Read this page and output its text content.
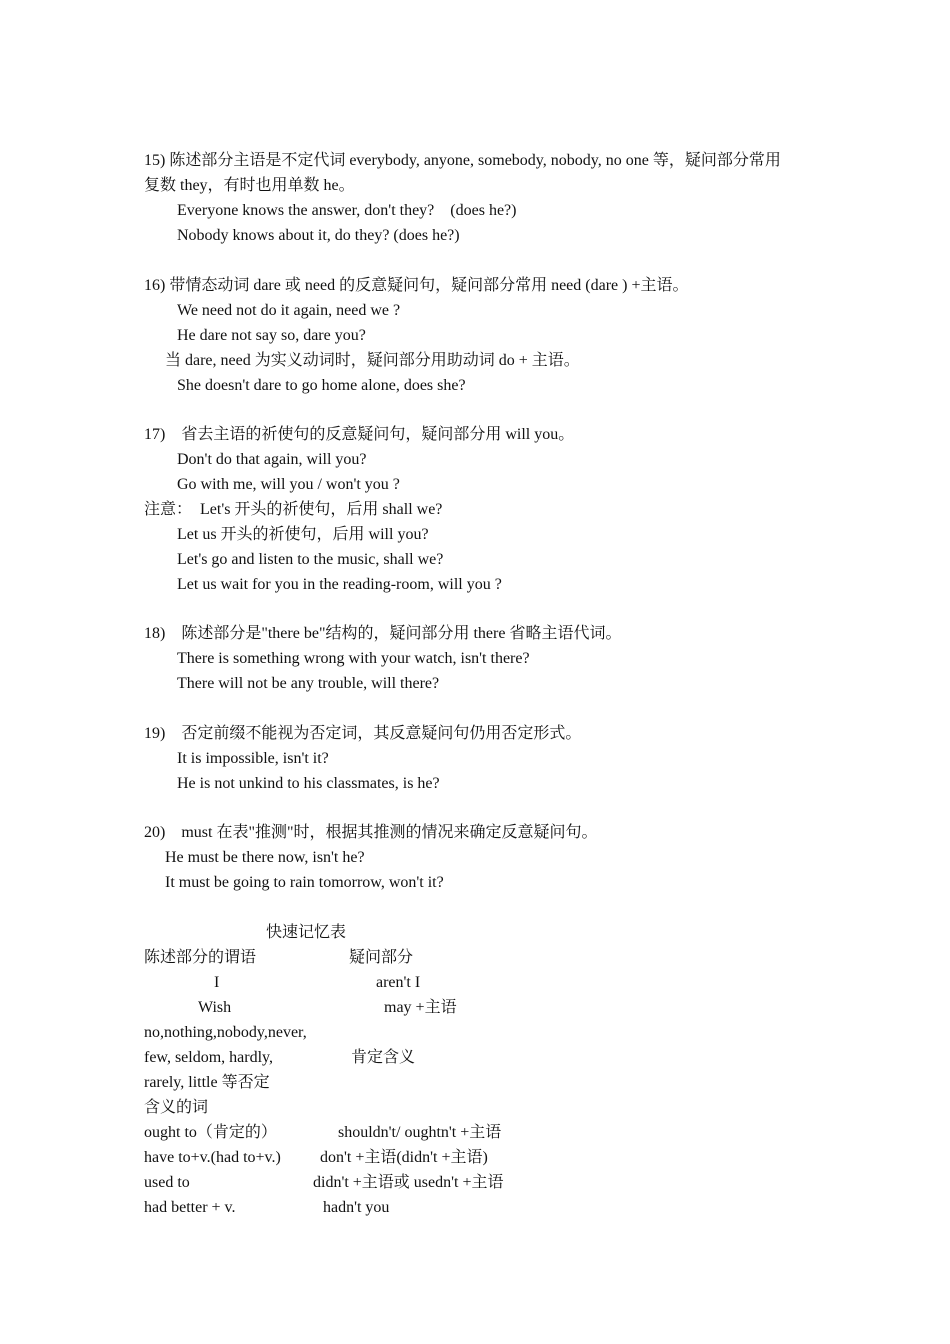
15) 陈述部分主语是不定代词 everybody, anyone, somebody, nobody, no one 等，疑问部分常用
复数 they，有时也用单数 he。
Everyone knows the answer, don't they?    (does he?)
Nobody knows about it, do they? (does he?)
16) 带情态动词 dare 或 need 的反意疑问句，疑问部分常用 need (dare ) +主语。
We need not do it again, need we ?
He dare not say so, dare you?
当 dare, need 为实义动词时，疑问部分用助动词 do + 主语。
She doesn't dare to go home alone, does she?
17)    省去主语的祈使句的反意疑问句，疑问部分用 will you。
Don't do that again, will you?
Go with me, will you / won't you ?
注意：  Let's 开头的祈使句，后用 shall we?
Let us 开头的祈使句，后用 will you?
Let's go and listen to the music, shall we?
Let us wait for you in the reading-room, will you ?
18)    陈述部分是"there be"结构的，疑问部分用 there 省略主语代词。
There is something wrong with your watch, isn't there?
There will not be any trouble, will there?
19)    否定前缀不能视为否定词，其反意疑问句仍用否定形式。
It is impossible, isn't it?
He is not unkind to his classmates, is he?
20)    must 在表"推测"时，根据其推测的情况来确定反意疑问句。
He must be there now, isn't he?
It must be going to rain tomorrow, won't it?
快速记忆表
陈述部分的谓语	疑问部分
I	aren't I
Wish	may +主语
no,nothing,nobody,never,
few, seldom, hardly,	肯定含义
rarely, little 等否定
含义的词
ought to（肯定的）	shouldn't/ oughtn't +主语
have to+v.(had to+v.) don't +主语(didn't +主语)
used to	didn't +主语或 usedn't +主语
had better + v.	hadn't you
